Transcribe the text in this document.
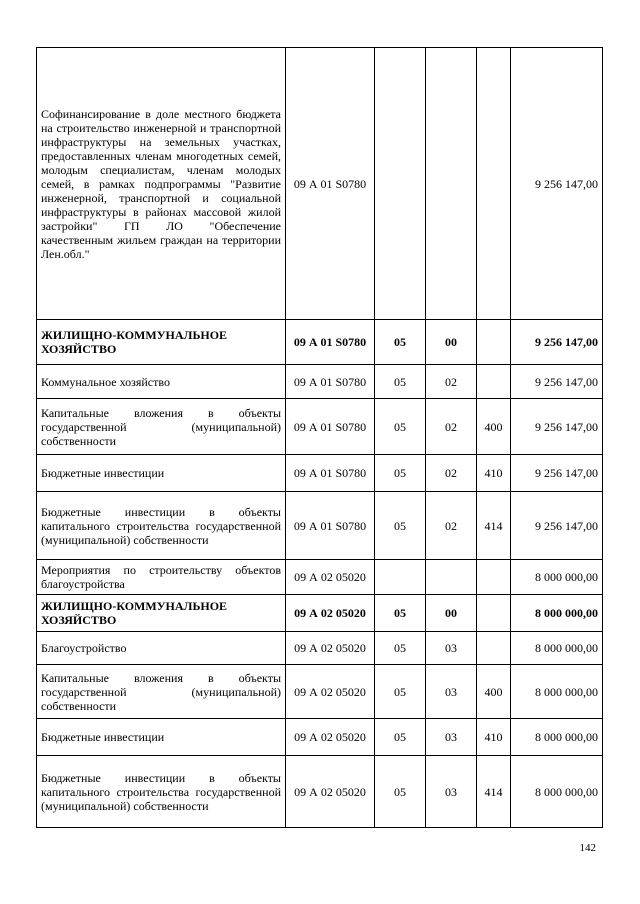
Софинансирование в доле местного бюджета на строительство инженерной и транспортной инфраструктуры на земельных участках, предоставленных членам многодетных семей, молодым специалистам, членам молодых семей, в рамках подпрограммы "Развитие инженерной, транспортной и социальной инфраструктуры в районах массовой жилой застройки" ГП ЛО "Обеспечение качественным жильем граждан на территории Лен.обл."	09 А 01 S0780				9 256 147,00
ЖИЛИЩНО-КОММУНАЛЬНОЕ ХОЗЯЙСТВО	09 А 01 S0780	05	00		9 256 147,00
Коммунальное хозяйство	09 А 01 S0780	05	02		9 256 147,00
Капитальные вложения в объекты государственной (муниципальной) собственности	09 А 01 S0780	05	02	400	9 256 147,00
Бюджетные инвестиции	09 А 01 S0780	05	02	410	9 256 147,00
Бюджетные инвестиции в объекты капитального строительства государственной (муниципальной) собственности	09 А 01 S0780	05	02	414	9 256 147,00
Мероприятия по строительству объектов благоустройства	09 А 02 05020				8 000 000,00
ЖИЛИЩНО-КОММУНАЛЬНОЕ ХОЗЯЙСТВО	09 А 02 05020	05	00		8 000 000,00
Благоустройство	09 А 02 05020	05	03		8 000 000,00
Капитальные вложения в объекты государственной (муниципальной) собственности	09 А 02 05020	05	03	400	8 000 000,00
Бюджетные инвестиции	09 А 02 05020	05	03	410	8 000 000,00
Бюджетные инвестиции в объекты капитального строительства государственной (муниципальной) собственности	09 А 02 05020	05	03	414	8 000 000,00
142
